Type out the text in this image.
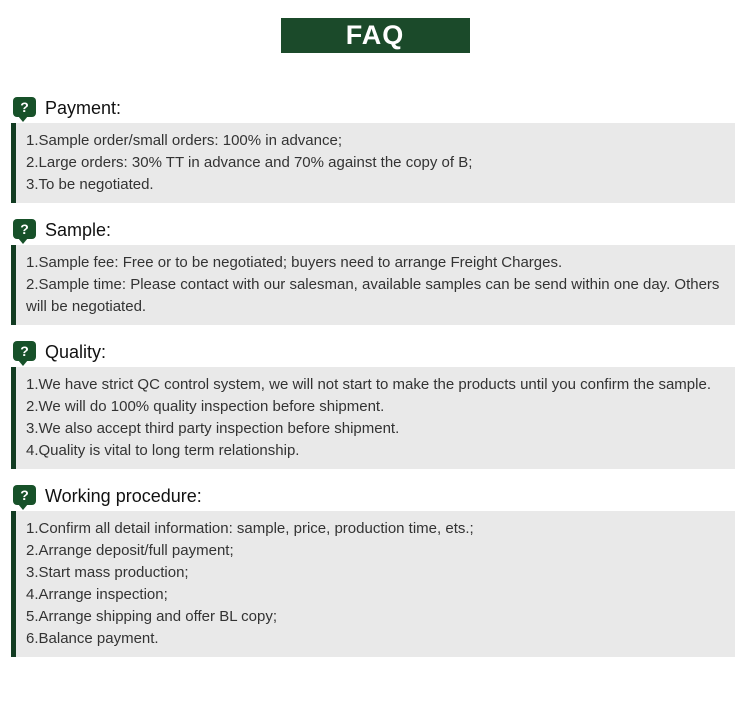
FAQ
? Payment:
1.Sample order/small orders: 100% in advance;
2.Large orders: 30% TT in advance and 70% against the copy of B;
3.To be negotiated.
? Sample:
1.Sample fee: Free or to be negotiated; buyers need to arrange Freight Charges.
2.Sample time: Please contact with our salesman, available samples can be send within one day. Others will be negotiated.
? Quality:
1.We have strict QC control system, we will not start to make the products until you confirm the sample.
2.We will do 100% quality inspection before shipment.
3.We also accept third party inspection before shipment.
4.Quality is vital to long term relationship.
? Working procedure:
1.Confirm all detail information: sample, price, production time, ets.;
2.Arrange deposit/full payment;
3.Start mass production;
4.Arrange inspection;
5.Arrange shipping and offer BL copy;
6.Balance payment.
